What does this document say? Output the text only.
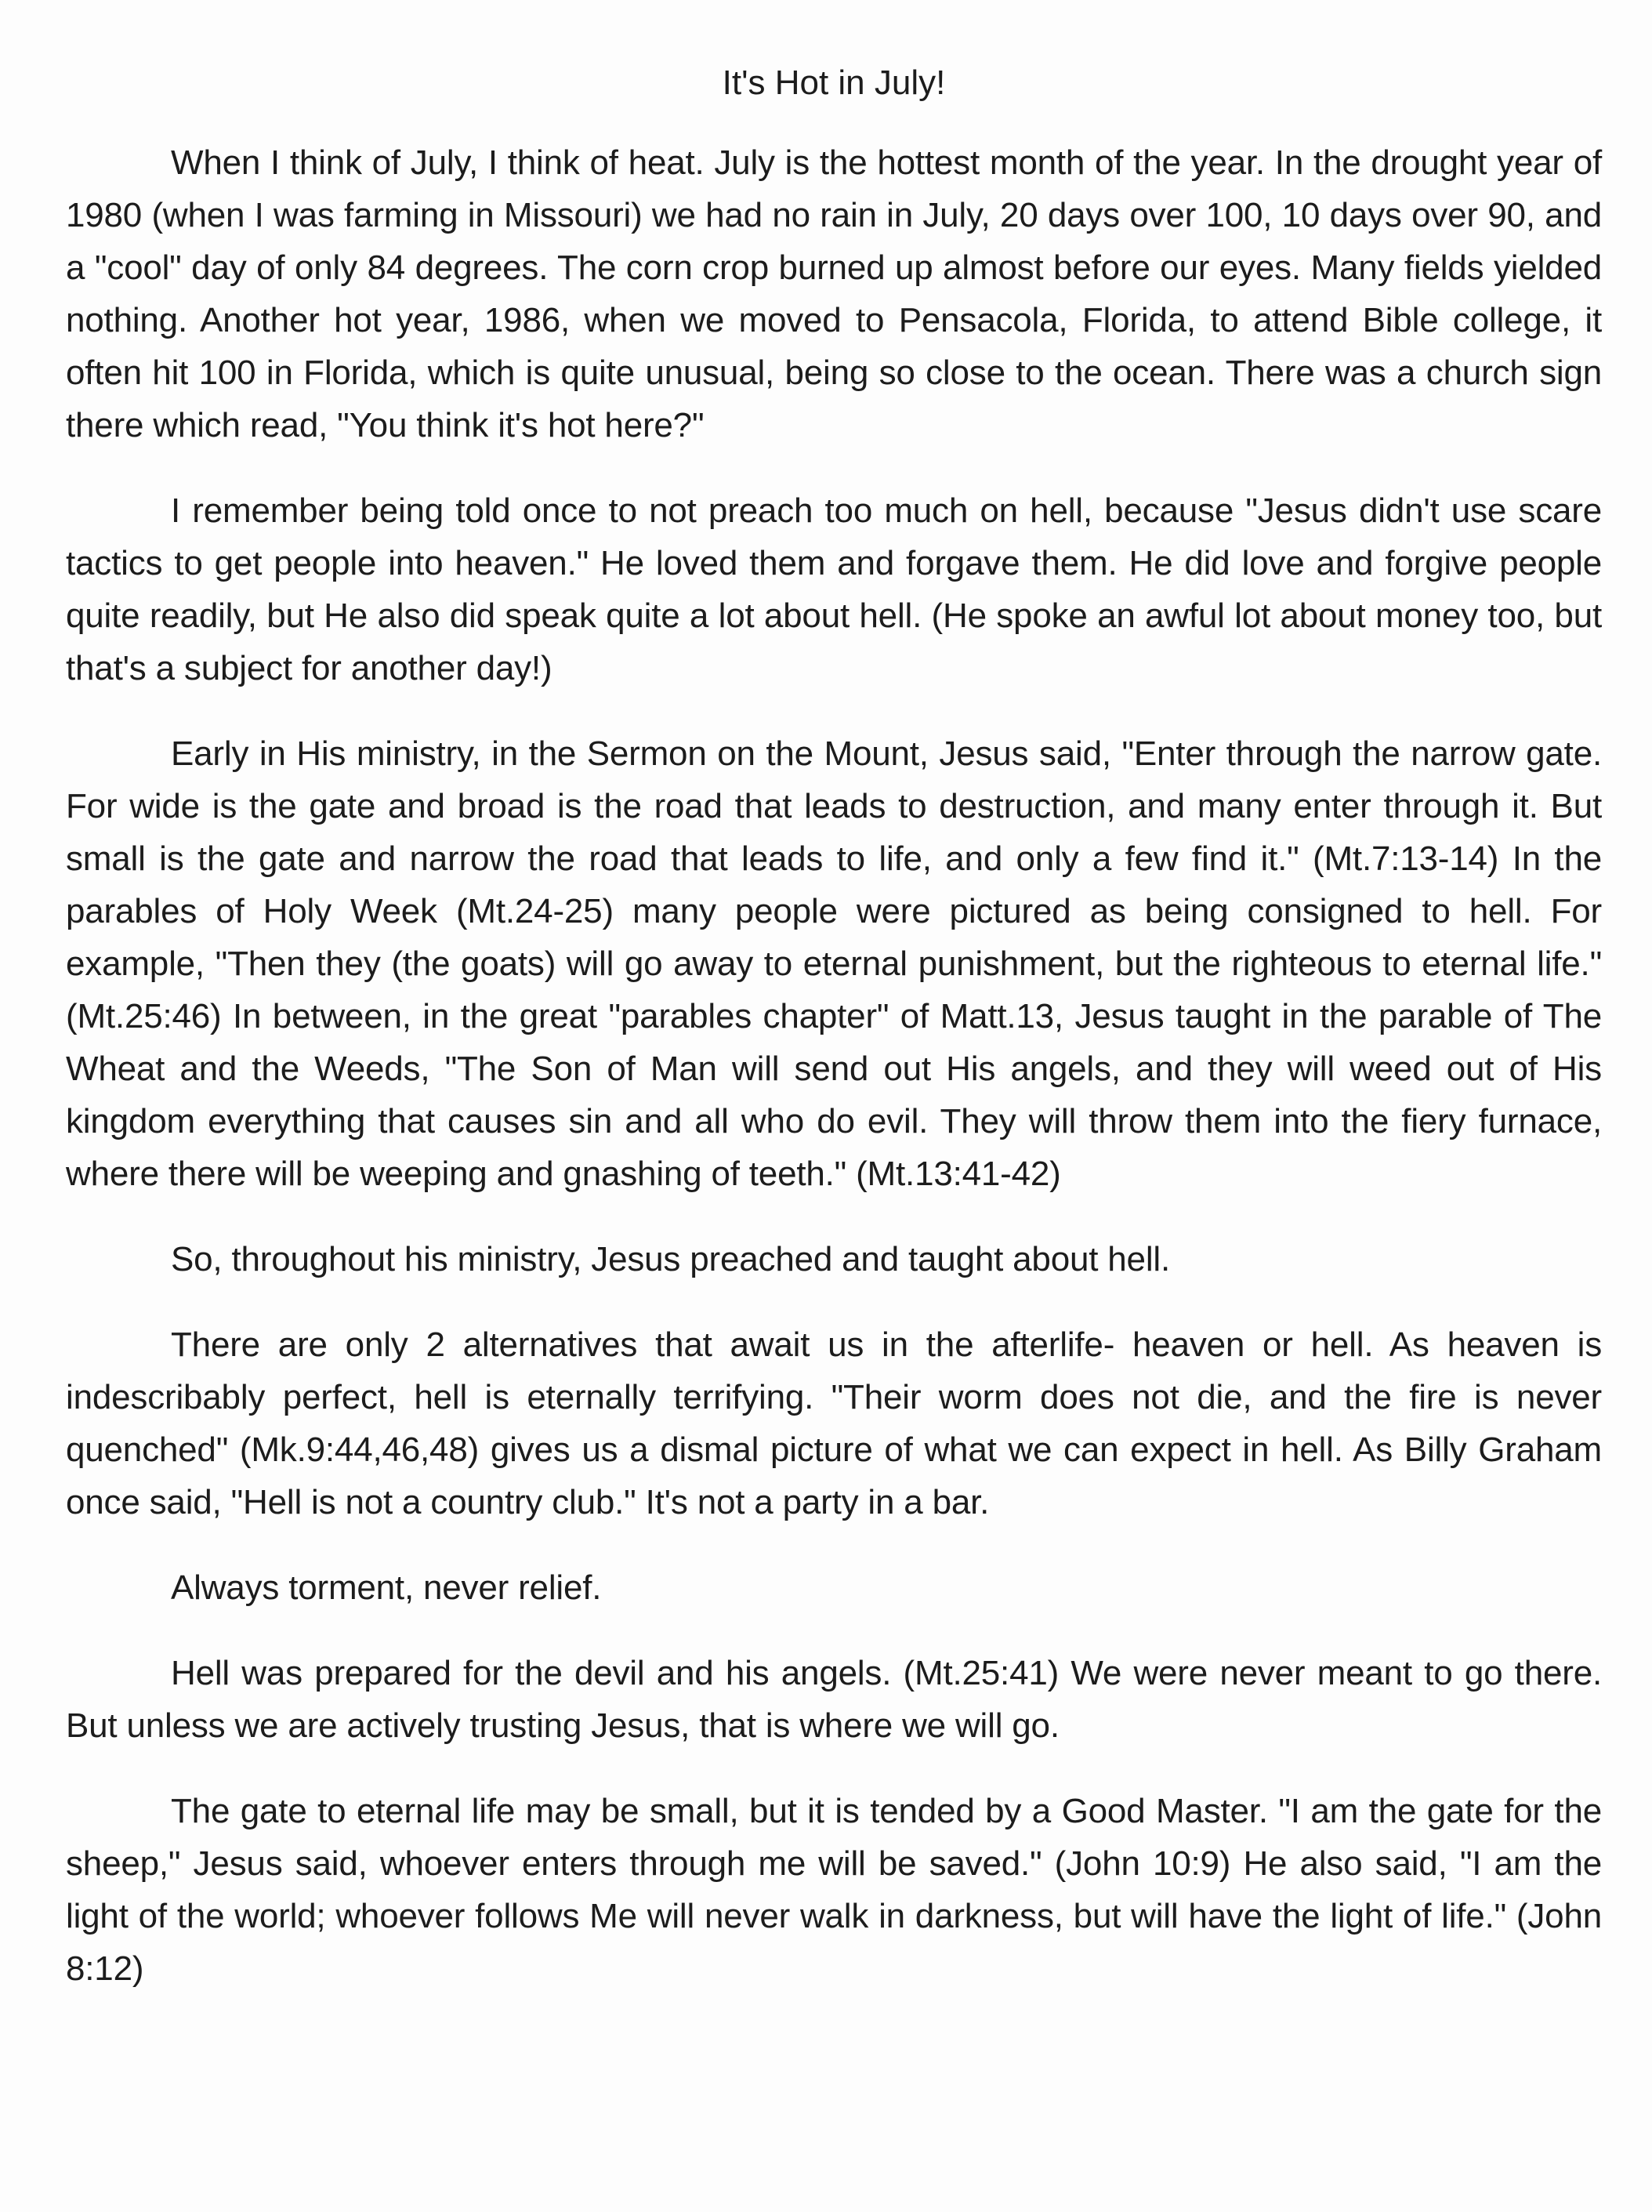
It's Hot in July!

When I think of July, I think of heat. July is the hottest month of the year. In the drought year of 1980 (when I was farming in Missouri) we had no rain in July, 20 days over 100, 10 days over 90, and a "cool" day of only 84 degrees. The corn crop burned up almost before our eyes. Many fields yielded nothing. Another hot year, 1986, when we moved to Pensacola, Florida, to attend Bible college, it often hit 100 in Florida, which is quite unusual, being so close to the ocean. There was a church sign there which read, "You think it's hot here?"

I remember being told once to not preach too much on hell, because "Jesus didn't use scare tactics to get people into heaven." He loved them and forgave them. He did love and forgive people quite readily, but He also did speak quite a lot about hell. (He spoke an awful lot about money too, but that's a subject for another day!)

Early in His ministry, in the Sermon on the Mount, Jesus said, "Enter through the narrow gate. For wide is the gate and broad is the road that leads to destruction, and many enter through it. But small is the gate and narrow the road that leads to life, and only a few find it." (Mt.7:13-14) In the parables of Holy Week (Mt.24-25) many people were pictured as being consigned to hell. For example, "Then they (the goats) will go away to eternal punishment, but the righteous to eternal life." (Mt.25:46) In between, in the great "parables chapter" of Matt.13, Jesus taught in the parable of The Wheat and the Weeds, "The Son of Man will send out His angels, and they will weed out of His kingdom everything that causes sin and all who do evil. They will throw them into the fiery furnace, where there will be weeping and gnashing of teeth." (Mt.13:41-42)

So, throughout his ministry, Jesus preached and taught about hell.

There are only 2 alternatives that await us in the afterlife- heaven or hell. As heaven is indescribably perfect, hell is eternally terrifying. "Their worm does not die, and the fire is never quenched" (Mk.9:44,46,48) gives us a dismal picture of what we can expect in hell. As Billy Graham once said, "Hell is not a country club." It's not a party in a bar.

Always torment, never relief.

Hell was prepared for the devil and his angels. (Mt.25:41) We were never meant to go there. But unless we are actively trusting Jesus, that is where we will go.

The gate to eternal life may be small, but it is tended by a Good Master. "I am the gate for the sheep," Jesus said, whoever enters through me will be saved." (John 10:9) He also said, "I am the light of the world; whoever follows Me will never walk in darkness, but will have the light of life." (John 8:12)
